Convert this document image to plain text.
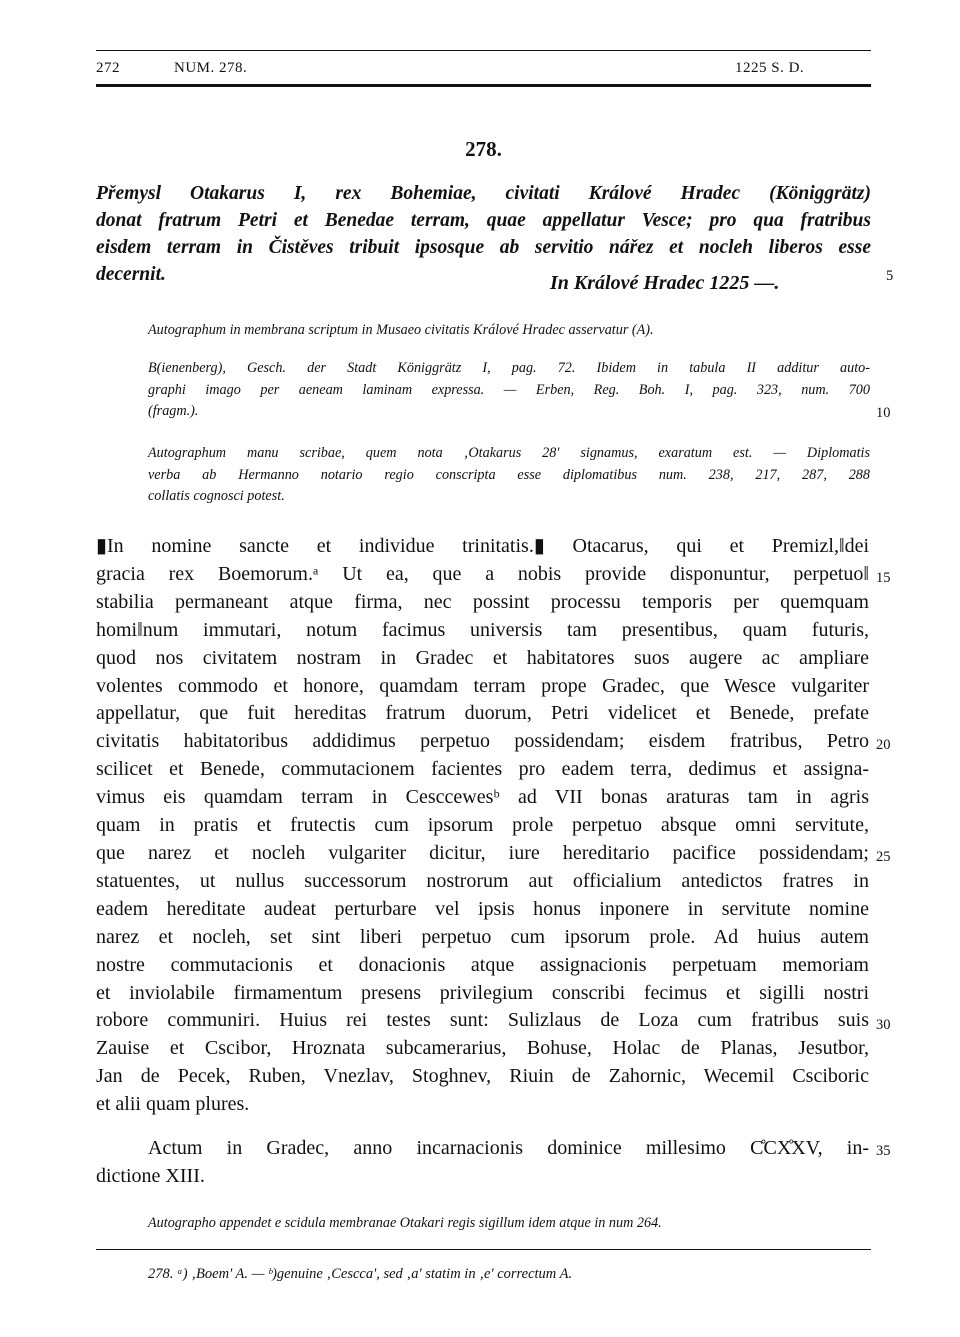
272	NUM. 278.	1225 S. D.
278.
Přemysl Otakarus I, rex Bohemiae, civitati Králové Hradec (Königgrätz)
donat fratrum Petri et Benedae terram, quae appellatur Vesce; pro qua fratribus
eisdem terram in Čistěves tribuit ipsosque ab servitio nářez et nocleh liberos esse
decernit.	In Králové Hradec 1225 —.	5
Autographum in membrana scriptum in Musaeo civitatis Králové Hradec asservatur (A).
B(ienenberg), Gesch. der Stadt Königgrätz I, pag. 72. Ibidem in tabula II additur auto-
graphi imago per aeneam laminam expressa. — Erben, Reg. Boh. I, pag. 323, num. 700
(fragm.).	10
Autographum manu scribae, quem nota ‚Otakarus 28' signamus, exaratum est. — Diplomatis
verba ab Hermanno notario regio conscripta esse diplomatibus num. 238, 217, 287, 288
collatis cognosci potest.
▮In nomine sancte et individue trinitatis.▮ Otacarus, qui et Premizl,‖dei
gracia rex Boemorum.ᵃ Ut ea, que a nobis provide disponuntur, perpetuo‖
stabilia permaneant atque firma, nec possint processu temporis per quemquam
homi‖num immutari, notum facimus universis tam presentibus, quam futuris,
quod nos civitatem nostram in Gradec et habitatores suos augere ac ampliare
volentes commodo et honore, quamdam terram prope Gradec, que Wesce vulgariter
appellatur, que fuit hereditas fratrum duorum, Petri videlicet et Benede, prefate
civitatis habitatoribus addidimus perpetuo possidendam; eisdem fratribus, Petro
scilicet et Benede, commutacionem facientes pro eadem terra, dedimus et assigna-
vimus eis quamdam terram in Cesccewesᵇ ad VII bonas araturas tam in agris
quam in pratis et frutectis cum ipsorum prole perpetuo absque omni servitute,
que narez et nocleh vulgariter dicitur, iure hereditario pacifice possidendam;
statuentes, ut nullus successorum nostrorum aut officialium antedictos fratres in
eadem hereditate audeat perturbare vel ipsis honus inponere in servitute nomine
narez et nocleh, set sint liberi perpetuo cum ipsorum prole. Ad huius autem
nostre commutacionis et donacionis atque assignacionis perpetuam memoriam
et inviolabile firmamentum presens privilegium conscribi fecimus et sigilli nostri
robore communiri. Huius rei testes sunt: Sulizlaus de Loza cum fratribus suis
Zauise et Cscibor, Hroznata subcamerarius, Bohuse, Holac de Planas, Jesutbor,
Jan de Pecek, Ruben, Vnezlav, Stoghnev, Riuin de Zahornic, Wecemil Csciboric
et alii quam plures.
Actum in Gradec, anno incarnacionis dominice millesimo C̊CX̊XV, in-
dictione XIII.
15
20
25
30
35
Autographo appendet e scidula membranae Otakari regis sigillum idem atque in num 264.
278. ᵃ) ‚Boem' A. — ᵇ)genuine ‚Cescca', sed ‚a' statim in ‚e' correctum A.
